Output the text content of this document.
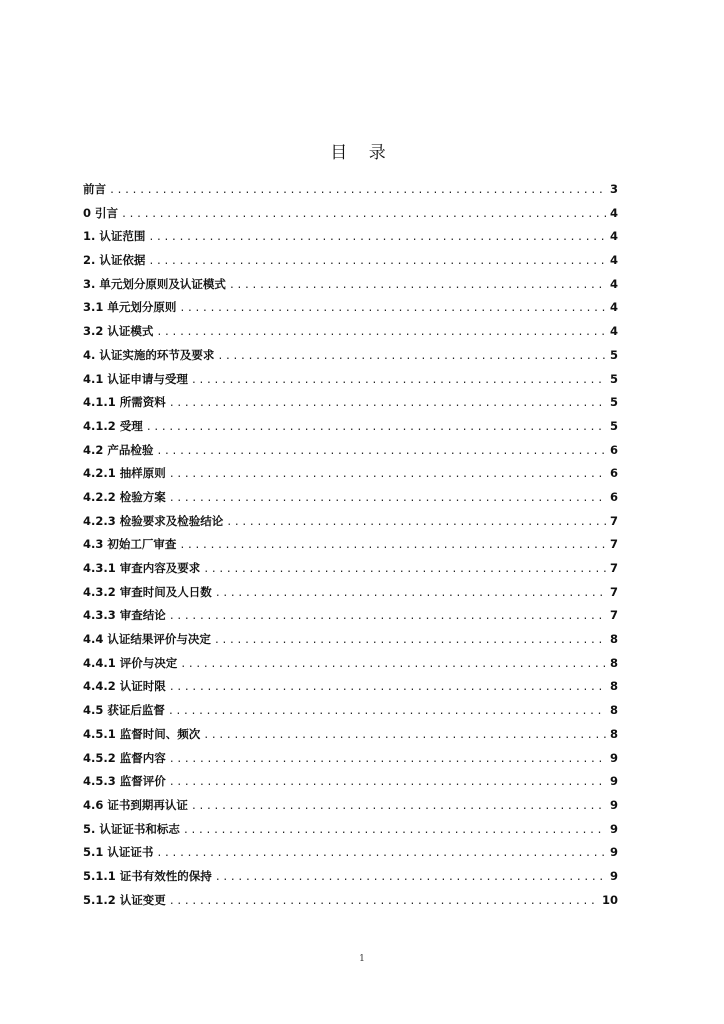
目 录
前言 .....	3
0 引言 .....	4
1. 认证范围 .....	4
2. 认证依据 .....	4
3. 单元划分原则及认证模式 .....	4
3.1 单元划分原则 .....	4
3.2 认证模式 .....	4
4. 认证实施的环节及要求 .....	5
4.1 认证申请与受理 .....	5
4.1.1 所需资料 .....	5
4.1.2 受理 .....	5
4.2 产品检验 .....	6
4.2.1 抽样原则 .....	6
4.2.2 检验方案 .....	6
4.2.3 检验要求及检验结论 .....	7
4.3 初始工厂审查 .....	7
4.3.1 审查内容及要求 .....	7
4.3.2 审查时间及人日数 .....	7
4.3.3 审查结论 .....	7
4.4 认证结果评价与决定 .....	8
4.4.1 评价与决定 .....	8
4.4.2 认证时限 .....	8
4.5 获证后监督 .....	8
4.5.1 监督时间、频次 .....	8
4.5.2 监督内容 .....	9
4.5.3 监督评价 .....	9
4.6 证书到期再认证 .....	9
5. 认证证书和标志 .....	9
5.1 认证证书 .....	9
5.1.1 证书有效性的保持 .....	9
5.1.2 认证变更 .....	10
1
